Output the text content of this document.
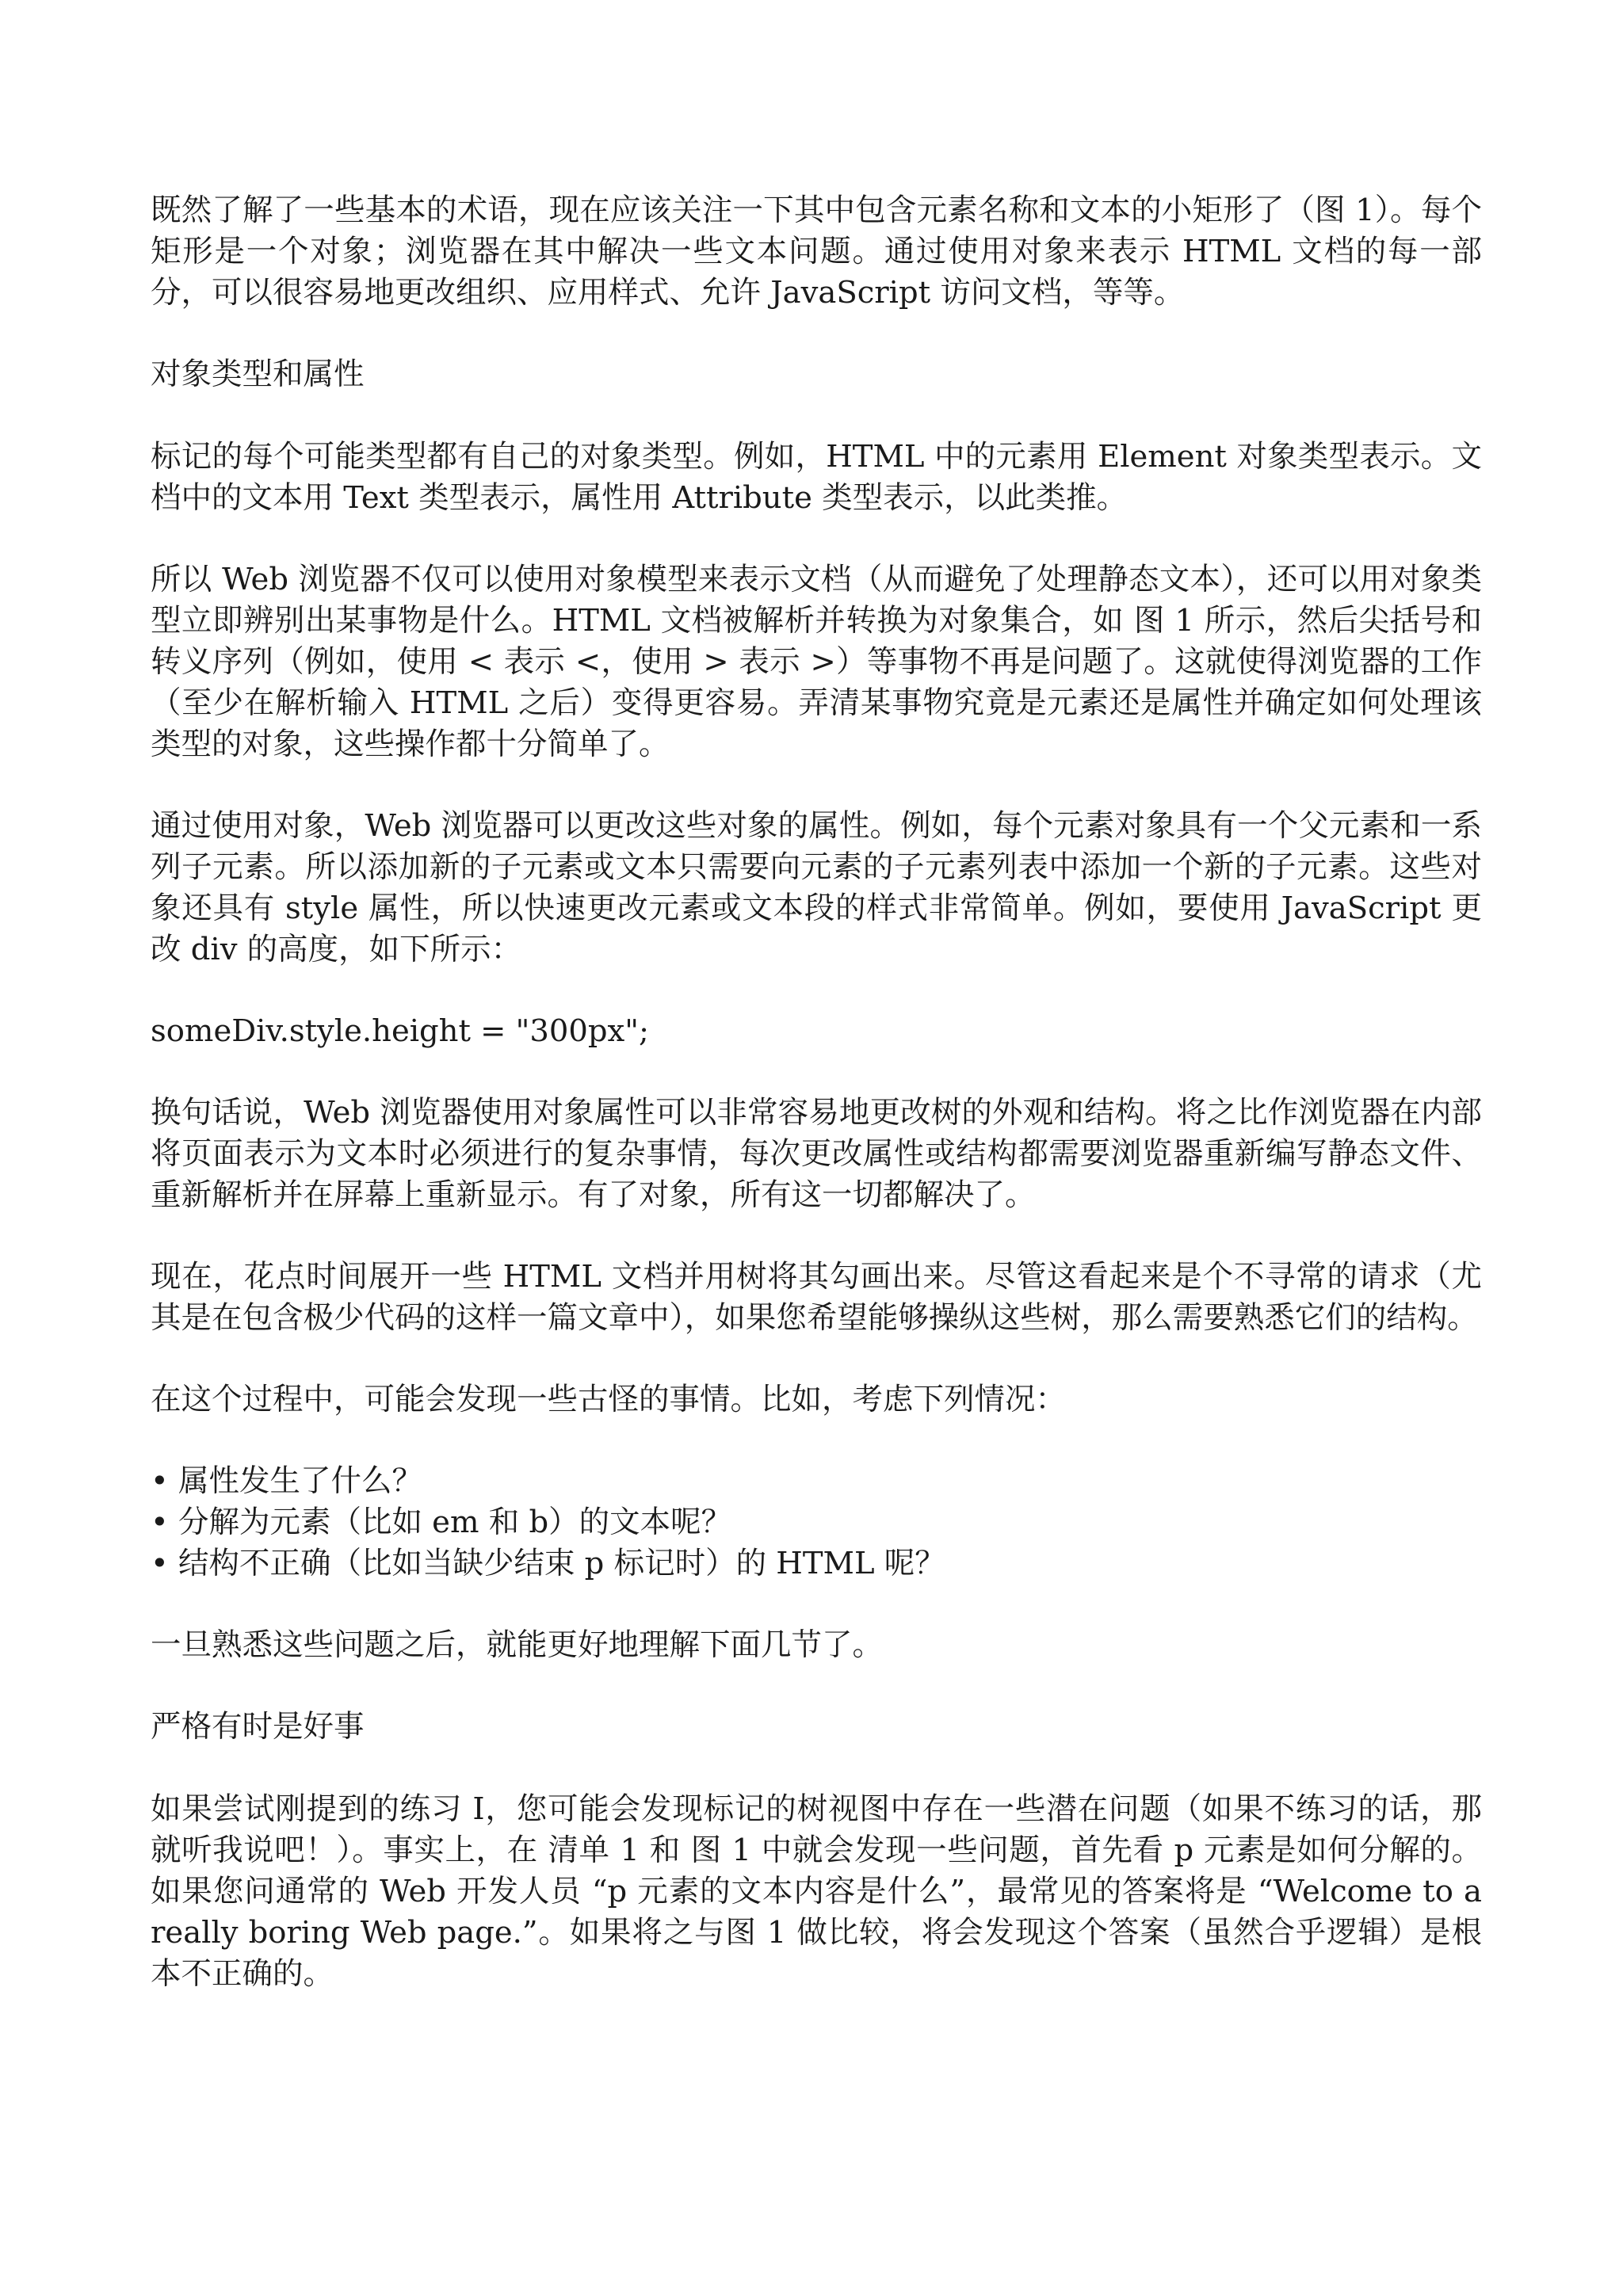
既然了解了一些基本的术语，现在应该关注一下其中包含元素名称和文本的小矩形了（图 1）。每个矩形是一个对象；浏览器在其中解决一些文本问题。通过使用对象来表示 HTML 文档的每一部分，可以很容易地更改组织、应用样式、允许 JavaScript 访问文档，等等。

对象类型和属性

标记的每个可能类型都有自己的对象类型。例如，HTML 中的元素用 Element 对象类型表示。文档中的文本用 Text 类型表示，属性用 Attribute 类型表示，以此类推。

所以 Web 浏览器不仅可以使用对象模型来表示文档（从而避免了处理静态文本），还可以用对象类型立即辨别出某事物是什么。HTML 文档被解析并转换为对象集合，如 图 1 所示，然后尖括号和转义序列（例如，使用 < 表示 <，使用 > 表示 >）等事物不再是问题了。这就使得浏览器的工作（至少在解析输入 HTML 之后）变得更容易。弄清某事物究竟是元素还是属性并确定如何处理该类型的对象，这些操作都十分简单了。

通过使用对象，Web 浏览器可以更改这些对象的属性。例如，每个元素对象具有一个父元素和一系列子元素。所以添加新的子元素或文本只需要向元素的子元素列表中添加一个新的子元素。这些对象还具有 style 属性，所以快速更改元素或文本段的样式非常简单。例如，要使用 JavaScript 更改 div 的高度，如下所示：

someDiv.style.height = "300px";

换句话说，Web 浏览器使用对象属性可以非常容易地更改树的外观和结构。将之比作浏览器在内部将页面表示为文本时必须进行的复杂事情，每次更改属性或结构都需要浏览器重新编写静态文件、重新解析并在屏幕上重新显示。有了对象，所有这一切都解决了。

现在，花点时间展开一些 HTML 文档并用树将其勾画出来。尽管这看起来是个不寻常的请求（尤其是在包含极少代码的这样一篇文章中），如果您希望能够操纵这些树，那么需要熟悉它们的结构。

在这个过程中，可能会发现一些古怪的事情。比如，考虑下列情况：

• 属性发生了什么？
• 分解为元素（比如 em 和 b）的文本呢？
• 结构不正确（比如当缺少结束 p 标记时）的 HTML 呢？

一旦熟悉这些问题之后，就能更好地理解下面几节了。

严格有时是好事

如果尝试刚提到的练习 I，您可能会发现标记的树视图中存在一些潜在问题（如果不练习的话，那就听我说吧！）。事实上，在 清单 1 和 图 1 中就会发现一些问题，首先看 p 元素是如何分解的。如果您问通常的 Web 开发人员 “p 元素的文本内容是什么”，最常见的答案将是 “Welcome to a really boring Web page.”。如果将之与图 1 做比较，将会发现这个答案（虽然合乎逻辑）是根本不正确的。
